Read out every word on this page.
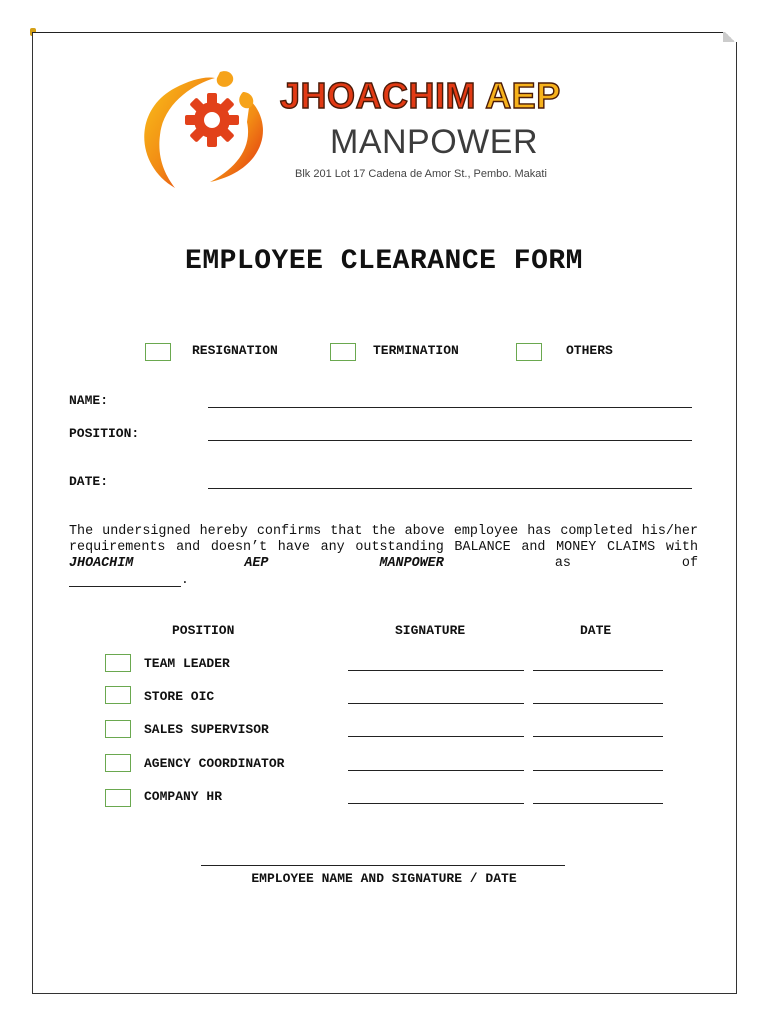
JHOACHIM AEP

MANPOWER

Blk 201 Lot 17 Cadena de Amor St., Pembo. Makati

EMPLOYEE CLEARANCE FORM
RESIGNATION	TERMINATION	OTHERS
NAME:
POSITION:
DATE:

The undersigned hereby confirms that the above employee has completed his/her requirements and doesn’t have any outstanding BALANCE and MONEY CLAIMS with JHOACHIM AEP MANPOWER	as of

.
POSITION	SIGNATURE	DATE
TEAM LEADER
STORE OIC
SALES SUPERVISOR
AGENCY COORDINATOR
COMPANY HR
EMPLOYEE NAME AND SIGNATURE / DATE
